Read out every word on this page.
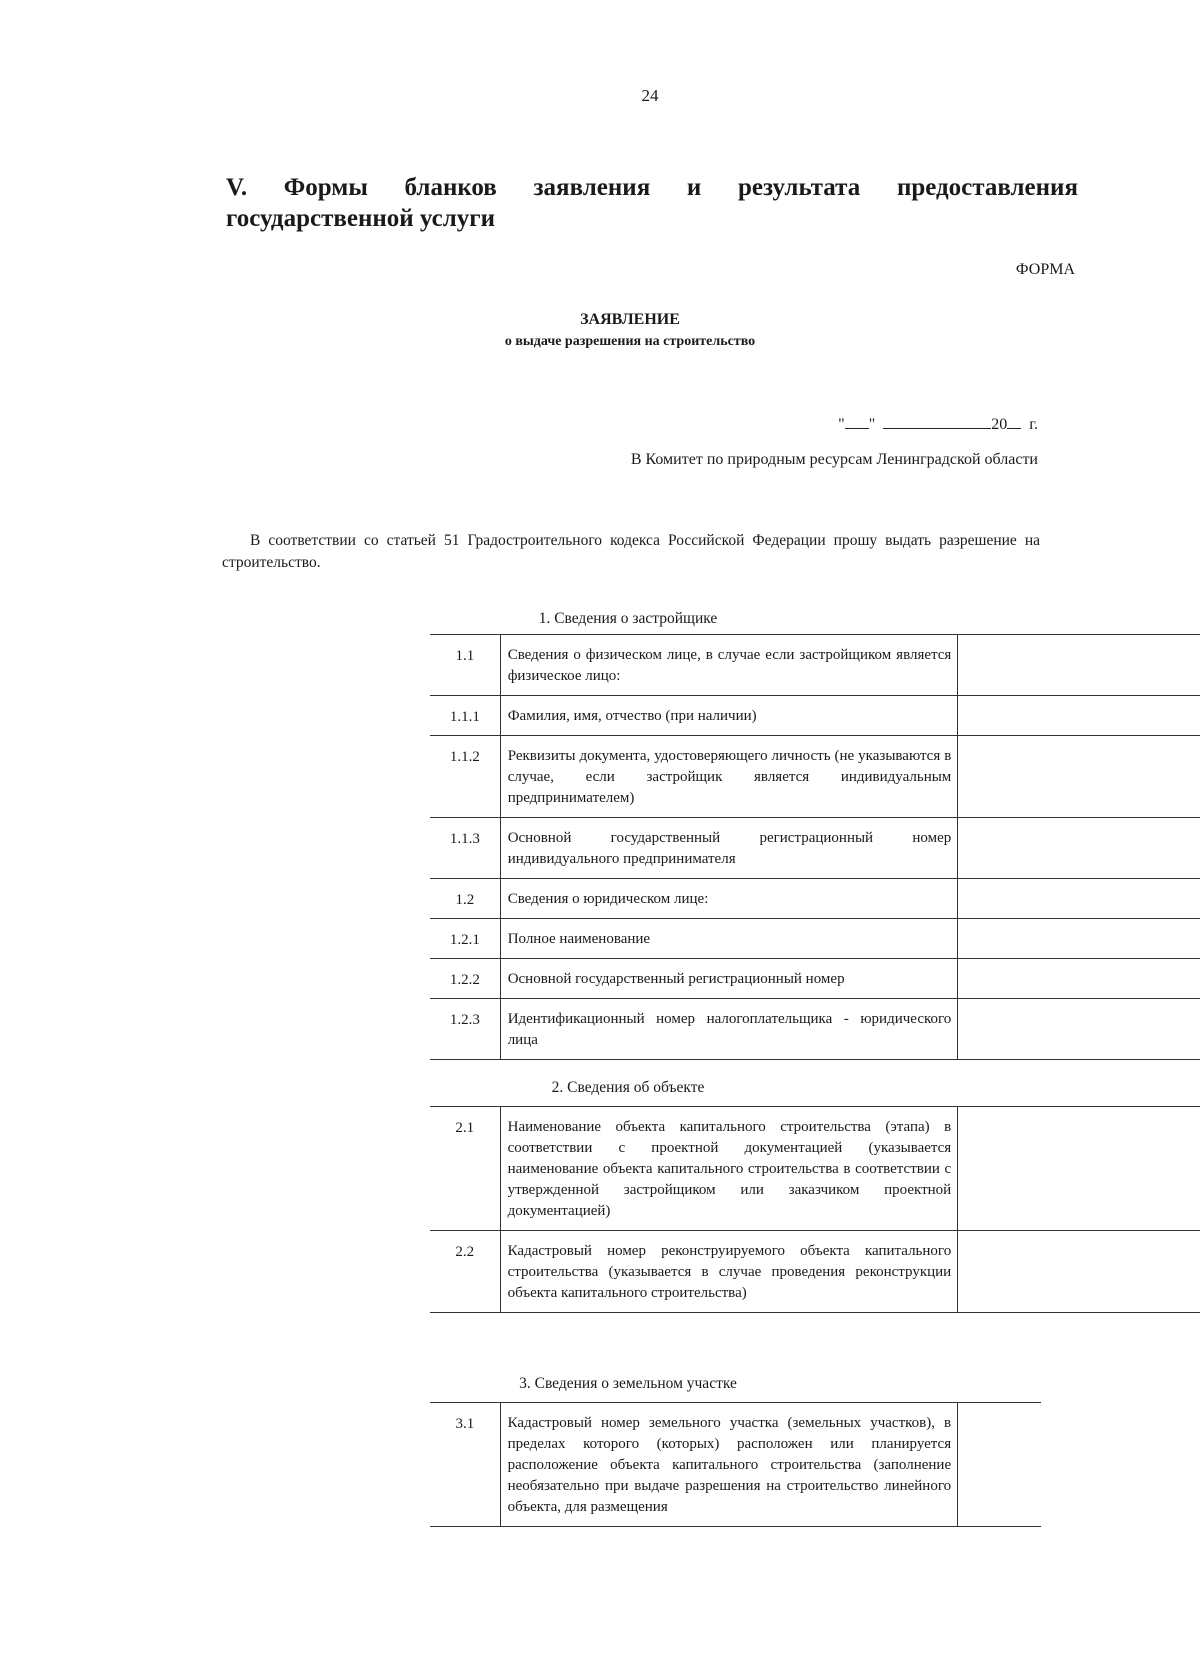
24
V. Формы бланков заявления и результата предоставления
государственной услуги
ФОРМА
ЗАЯВЛЕНИЕ
о выдаче разрешения на строительство
" "	20 г.
В Комитет по природным ресурсам Ленинградской области
В соответствии со статьей 51 Градостроительного кодекса Российской Федерации прошу выдать разрешение на строительство.
1. Сведения о застройщике
1.1	Сведения о физическом лице, в случае если застройщиком является физическое лицо:	
1.1.1	Фамилия, имя, отчество (при наличии)	
1.1.2	Реквизиты документа, удостоверяющего личность (не указываются в случае, если застройщик является индивидуальным предпринимателем)	
1.1.3	Основной государственный регистрационный номер индивидуального предпринимателя	
1.2	Сведения о юридическом лице:	
1.2.1	Полное наименование	
1.2.2	Основной государственный регистрационный номер	
1.2.3	Идентификационный номер налогоплательщика - юридического лица	
2. Сведения об объекте
2.1	Наименование объекта капитального строительства (этапа) в соответствии с проектной документацией (указывается наименование объекта капитального строительства в соответствии с утвержденной застройщиком или заказчиком проектной документацией)	
2.2	Кадастровый номер реконструируемого объекта капитального строительства (указывается в случае проведения реконструкции объекта капитального строительства)	
3. Сведения о земельном участке
3.1	Кадастровый номер земельного участка (земельных участков), в пределах которого (которых) расположен или планируется расположение объекта капитального строительства (заполнение необязательно при выдаче разрешения на строительство линейного объекта, для размещения	
